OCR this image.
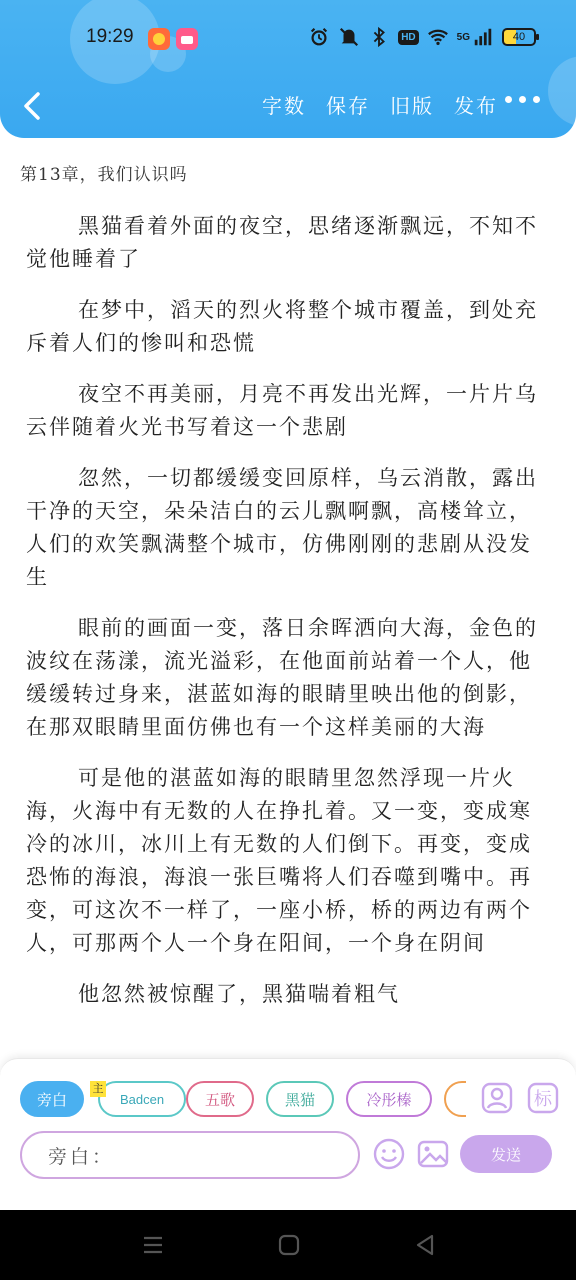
19:29	HD	5G	40
字数 保存 旧版 发布
第13章，我们认识吗

黑猫看着外面的夜空，思绪逐渐飘远，不知不觉他睡着了

在梦中，滔天的烈火将整个城市覆盖，到处充斥着人们的惨叫和恐慌

夜空不再美丽，月亮不再发出光辉，一片片乌云伴随着火光书写着这一个悲剧

忽然，一切都缓缓变回原样，乌云消散，露出干净的天空，朵朵洁白的云儿飘啊飘，高楼耸立，人们的欢笑飘满整个城市，仿佛刚刚的悲剧从没发生

眼前的画面一变，落日余晖洒向大海，金色的波纹在荡漾，流光溢彩，在他面前站着一个人，他缓缓转过身来，湛蓝如海的眼睛里映出他的倒影，在那双眼睛里面仿佛也有一个这样美丽的大海

可是他的湛蓝如海的眼睛里忽然浮现一片火海，火海中有无数的人在挣扎着。又一变，变成寒冷的冰川，冰川上有无数的人们倒下。再变，变成恐怖的海浪，海浪一张巨嘴将人们吞噬到嘴中。再变，可这次不一样了，一座小桥，桥的两边有两个人，可那两个人一个身在阳间，一个身在阴间

他忽然被惊醒了，黑猫喘着粗气

旁白
主
Badcen	五歌	黑猫	冷彤榛	标
旁白：	发送
